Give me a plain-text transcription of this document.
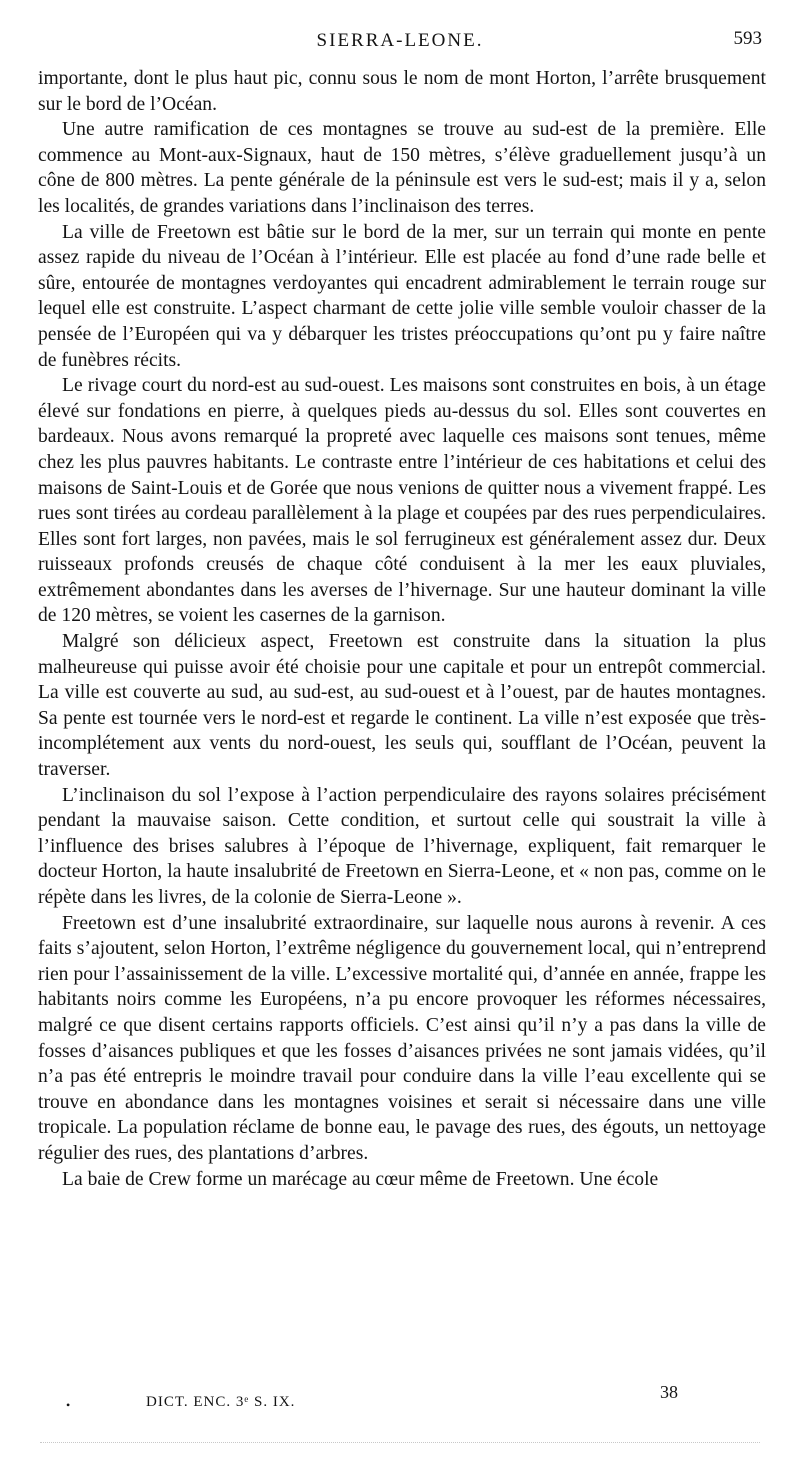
SIERRA-LEONE.	593

importante, dont le plus haut pic, connu sous le nom de mont Horton, l’arrête brusquement sur le bord de l’Océan.

Une autre ramification de ces montagnes se trouve au sud-est de la première. Elle commence au Mont-aux-Signaux, haut de 150 mètres, s’élève graduellement jusqu’à un cône de 800 mètres. La pente générale de la péninsule est vers le sud-est; mais il y a, selon les localités, de grandes variations dans l’inclinaison des terres.

La ville de Freetown est bâtie sur le bord de la mer, sur un terrain qui monte en pente assez rapide du niveau de l’Océan à l’intérieur. Elle est placée au fond d’une rade belle et sûre, entourée de montagnes verdoyantes qui encadrent admirablement le terrain rouge sur lequel elle est construite. L’aspect charmant de cette jolie ville semble vouloir chasser de la pensée de l’Européen qui va y débarquer les tristes préoccupations qu’ont pu y faire naître de funèbres récits.

Le rivage court du nord-est au sud-ouest. Les maisons sont construites en bois, à un étage élevé sur fondations en pierre, à quelques pieds au-dessus du sol. Elles sont couvertes en bardeaux. Nous avons remarqué la propreté avec laquelle ces maisons sont tenues, même chez les plus pauvres habitants. Le contraste entre l’intérieur de ces habitations et celui des maisons de Saint-Louis et de Gorée que nous venions de quitter nous a vivement frappé. Les rues sont tirées au cordeau parallèlement à la plage et coupées par des rues perpendiculaires. Elles sont fort larges, non pavées, mais le sol ferrugineux est généralement assez dur. Deux ruisseaux profonds creusés de chaque côté conduisent à la mer les eaux pluviales, extrêmement abondantes dans les averses de l’hivernage. Sur une hauteur dominant la ville de 120 mètres, se voient les casernes de la garnison.

Malgré son délicieux aspect, Freetown est construite dans la situation la plus malheureuse qui puisse avoir été choisie pour une capitale et pour un entrepôt commercial. La ville est couverte au sud, au sud-est, au sud-ouest et à l’ouest, par de hautes montagnes. Sa pente est tournée vers le nord-est et regarde le continent. La ville n’est exposée que très-incomplétement aux vents du nord-ouest, les seuls qui, soufflant de l’Océan, peuvent la traverser.

L’inclinaison du sol l’expose à l’action perpendiculaire des rayons solaires précisément pendant la mauvaise saison. Cette condition, et surtout celle qui soustrait la ville à l’influence des brises salubres à l’époque de l’hivernage, expliquent, fait remarquer le docteur Horton, la haute insalubrité de Freetown en Sierra-Leone, et « non pas, comme on le répète dans les livres, de la colonie de Sierra-Leone ».

Freetown est d’une insalubrité extraordinaire, sur laquelle nous aurons à revenir. A ces faits s’ajoutent, selon Horton, l’extrême négligence du gouvernement local, qui n’entreprend rien pour l’assainissement de la ville. L’excessive mortalité qui, d’année en année, frappe les habitants noirs comme les Européens, n’a pu encore provoquer les réformes nécessaires, malgré ce que disent certains rapports officiels. C’est ainsi qu’il n’y a pas dans la ville de fosses d’aisances publiques et que les fosses d’aisances privées ne sont jamais vidées, qu’il n’a pas été entrepris le moindre travail pour conduire dans la ville l’eau excellente qui se trouve en abondance dans les montagnes voisines et serait si nécessaire dans une ville tropicale. La population réclame de bonne eau, le pavage des rues, des égouts, un nettoyage régulier des rues, des plantations d’arbres.

La baie de Crew forme un marécage au cœur même de Freetown. Une école

•	DICT. ENC. 3ᵉ S. IX.	38
